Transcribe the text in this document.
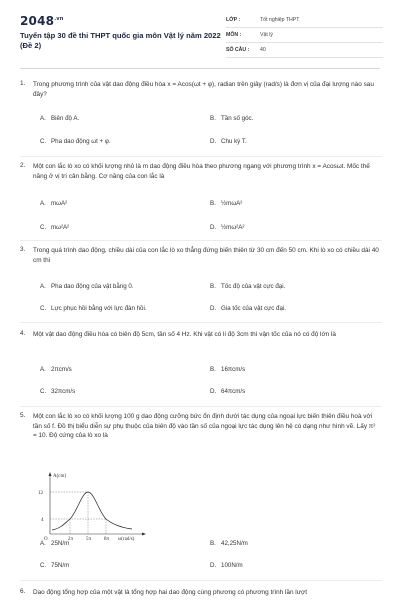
$2048^{.vn}$
Tuyển tập 30 đề thi THPT quốc gia môn Vật lý năm 2022 (Đề 2)
LỚP :	Tốt nghiệp THPT
MÔN :	Vật lý
SỐ CÂU :	40
1. Trong phương trình của vật dao động điều hòa x = Acos(ωt + φ), radian trên giây (rad/s) là đơn vị của đại lượng nào sau đây?
A. Biên độ A.	B. Tần số góc.
C. Pha dao động ωt + φ.	D. Chu kỳ T.
2. Một con lắc lò xo có khối lượng nhỏ là m dao động điều hòa theo phương ngang với phương trình x = Acosωt. Mốc thế năng ở vị trí cân bằng. Cơ năng của con lắc là
A. mωA²	B. ½mωA²
C. mω²A²	D. ½mω²A²
3. Trong quá trình dao động, chiều dài của con lắc lò xo thẳng đứng biến thiên từ 30 cm đến 50 cm. Khi lò xo có chiều dài 40 cm thì
A. Pha dao động của vật bằng 0.	B. Tốc độ của vật cực đại.
C. Lực phục hồi bằng với lực đàn hồi.	D. Gia tốc của vật cực đại.
4. Một vật dao động điều hòa có biên độ 5cm, tần số 4 Hz. Khi vật có li độ 3cm thì vận tốc của nó có độ lớn là
A. 2πcm/s	B. 16πcm/s
C. 32πcm/s	D. 64πcm/s
5. Một con lắc lò xo có khối lượng 100 g dao động cưỡng bức ổn định dưới tác dụng của ngoại lực biến thiên điều hoà với tần số f. Đồ thị biểu diễn sự phụ thuộc của biên độ vào tần số của ngoại lực tác dụng lên hệ có dạng như hình vẽ. Lấy π² = 10. Độ cứng của lò xo là
A(cm)
12
4
O	2π	5π	8π ω(rad/s)
A. 25N/m	B. 42,25N/m
C. 75N/m	D. 100N/m
6. Dao động tổng hợp của một vật là tổng hợp hai dao động cùng phương có phương trình lần lượt
